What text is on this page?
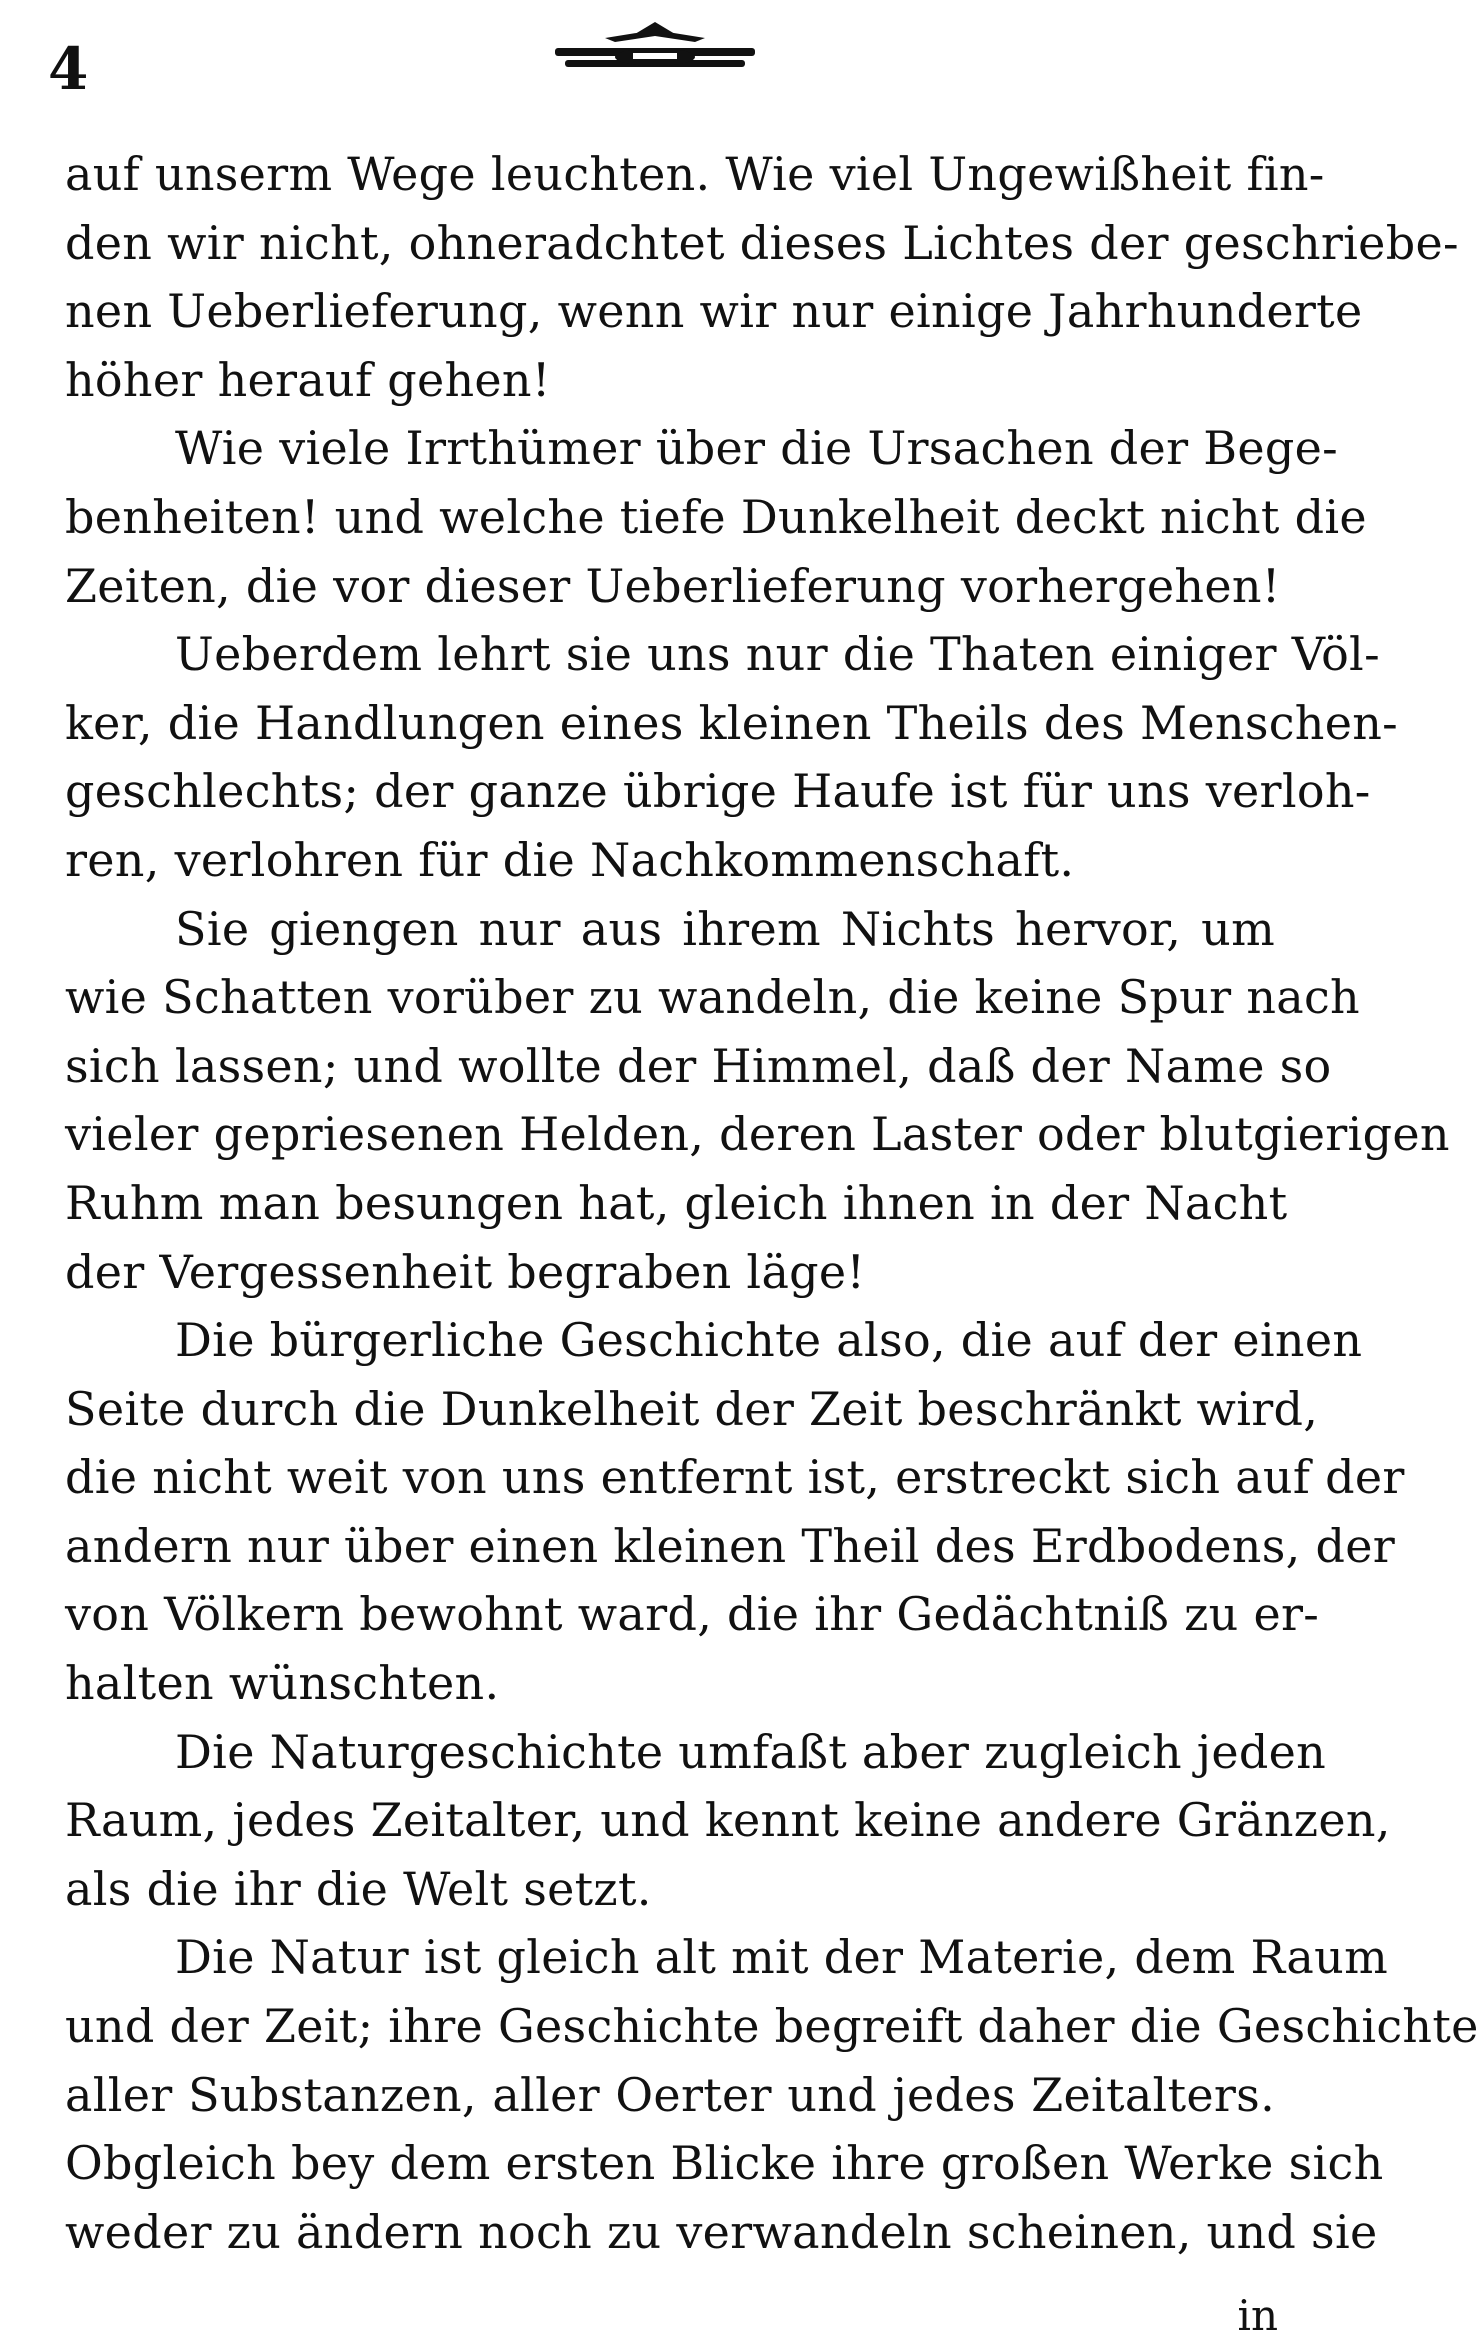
4
auf unserm Wege leuchten. Wie viel Ungewißheit fin-
den wir nicht, ohneradchtet dieses Lichtes der geschriebe-
nen Ueberlieferung, wenn wir nur einige Jahrhunderte
höher herauf gehen!
Wie viele Irrthümer über die Ursachen der Bege-
benheiten! und welche tiefe Dunkelheit deckt nicht die
Zeiten, die vor dieser Ueberlieferung vorhergehen!
Ueberdem lehrt sie uns nur die Thaten einiger Völ-
ker, die Handlungen eines kleinen Theils des Menschen-
geschlechts; der ganze übrige Haufe ist für uns verloh-
ren, verlohren für die Nachkommenschaft.
Sie giengen nur aus ihrem Nichts hervor, um
wie Schatten vorüber zu wandeln, die keine Spur nach
sich lassen; und wollte der Himmel, daß der Name so
vieler gepriesenen Helden, deren Laster oder blutgierigen
Ruhm man besungen hat, gleich ihnen in der Nacht
der Vergessenheit begraben läge!
Die bürgerliche Geschichte also, die auf der einen
Seite durch die Dunkelheit der Zeit beschränkt wird,
die nicht weit von uns entfernt ist, erstreckt sich auf der
andern nur über einen kleinen Theil des Erdbodens, der
von Völkern bewohnt ward, die ihr Gedächtniß zu er-
halten wünschten.
Die Naturgeschichte umfaßt aber zugleich jeden
Raum, jedes Zeitalter, und kennt keine andere Gränzen,
als die ihr die Welt setzt.
Die Natur ist gleich alt mit der Materie, dem Raum
und der Zeit; ihre Geschichte begreift daher die Geschichte
aller Substanzen, aller Oerter und jedes Zeitalters.
Obgleich bey dem ersten Blicke ihre großen Werke sich
weder zu ändern noch zu verwandeln scheinen, und sie
in
